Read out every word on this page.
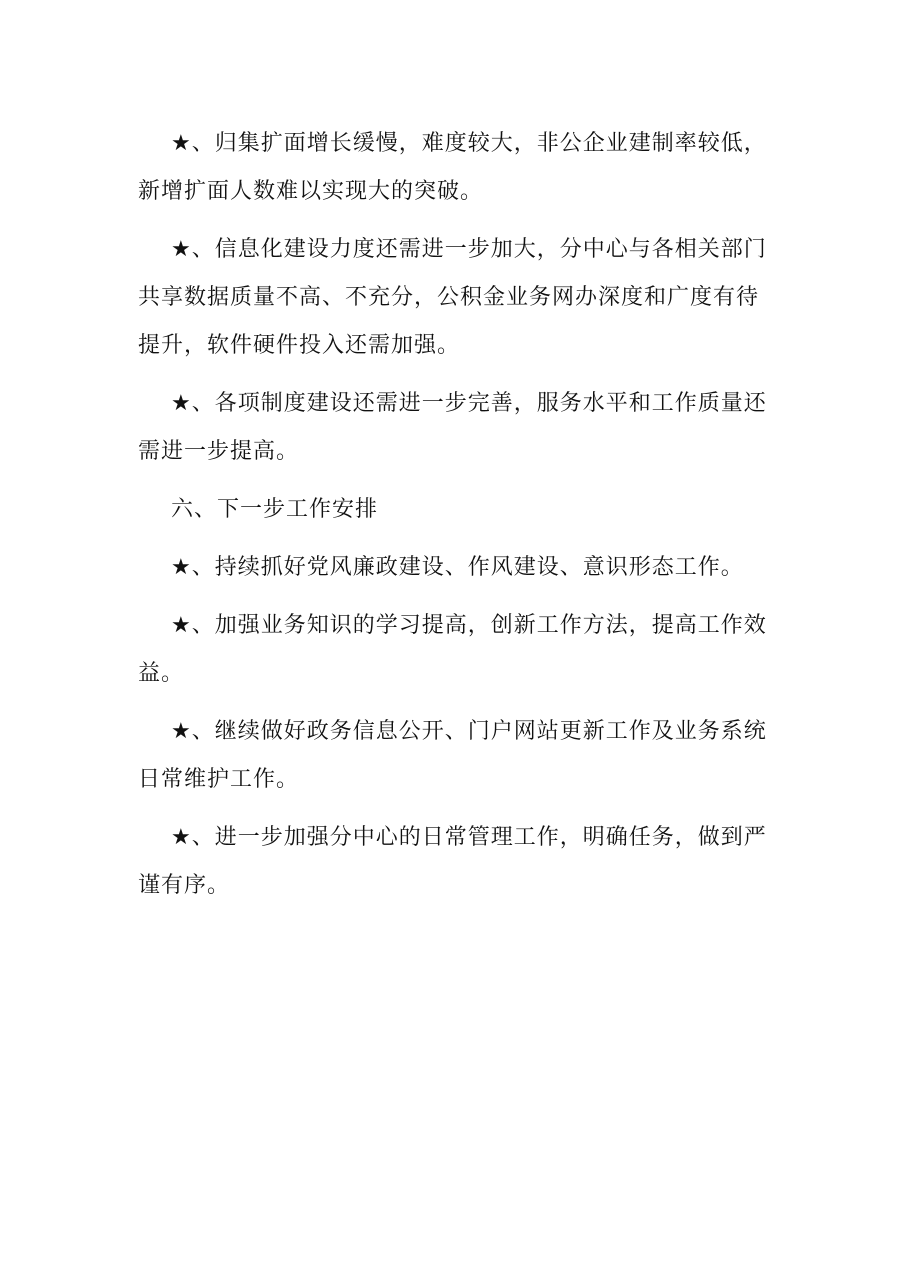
★、归集扩面增长缓慢，难度较大，非公企业建制率较低，新增扩面人数难以实现大的突破。

★、信息化建设力度还需进一步加大，分中心与各相关部门共享数据质量不高、不充分，公积金业务网办深度和广度有待提升，软件硬件投入还需加强。

★、各项制度建设还需进一步完善，服务水平和工作质量还需进一步提高。

六、下一步工作安排

★、持续抓好党风廉政建设、作风建设、意识形态工作。

★、加强业务知识的学习提高，创新工作方法，提高工作效益。

★、继续做好政务信息公开、门户网站更新工作及业务系统日常维护工作。

★、进一步加强分中心的日常管理工作，明确任务，做到严谨有序。
